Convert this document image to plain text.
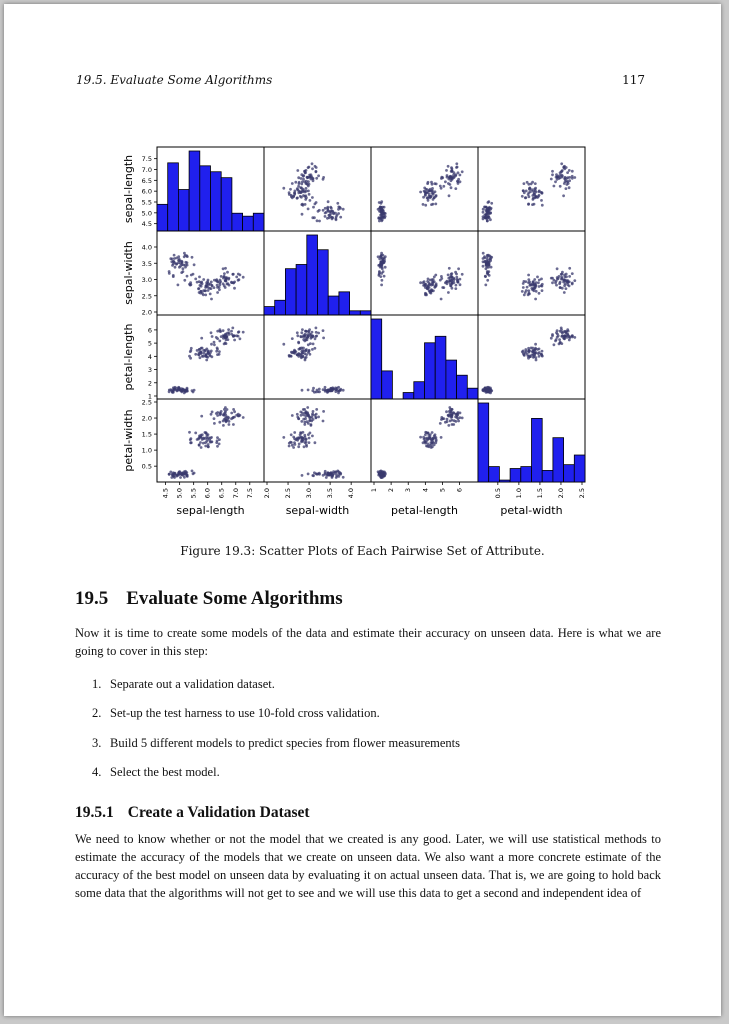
19.5. Evaluate Some Algorithms	117
4.5
5.0
5.5
6.0
6.5
7.0
7.5
sepal-length
2.0
2.5
3.0
3.5
4.0
sepal-width
1
2
3
4
5
6
petal-length
0.5
1.0
1.5
2.0
2.5
petal-width
4.5 5.0 5.5 6.0 6.5 7.0 7.5
sepal-length
2.0 2.5 3.0 3.5 4.0
sepal-width
1 2 3 4 5 6
petal-length
0.5 1.0 1.5 2.0 2.5
petal-width
Figure 19.3: Scatter Plots of Each Pairwise Set of Attribute.
19.5 Evaluate Some Algorithms
Now it is time to create some models of the data and estimate their accuracy on unseen data. Here is what we are going to cover in this step:
1. Separate out a validation dataset.
2. Set-up the test harness to use 10-fold cross validation.
3. Build 5 different models to predict species from flower measurements
4. Select the best model.
19.5.1 Create a Validation Dataset
We need to know whether or not the model that we created is any good. Later, we will use statistical methods to estimate the accuracy of the models that we create on unseen data. We also want a more concrete estimate of the accuracy of the best model on unseen data by evaluating it on actual unseen data. That is, we are going to hold back some data that the algorithms will not get to see and we will use this data to get a second and independent idea of
